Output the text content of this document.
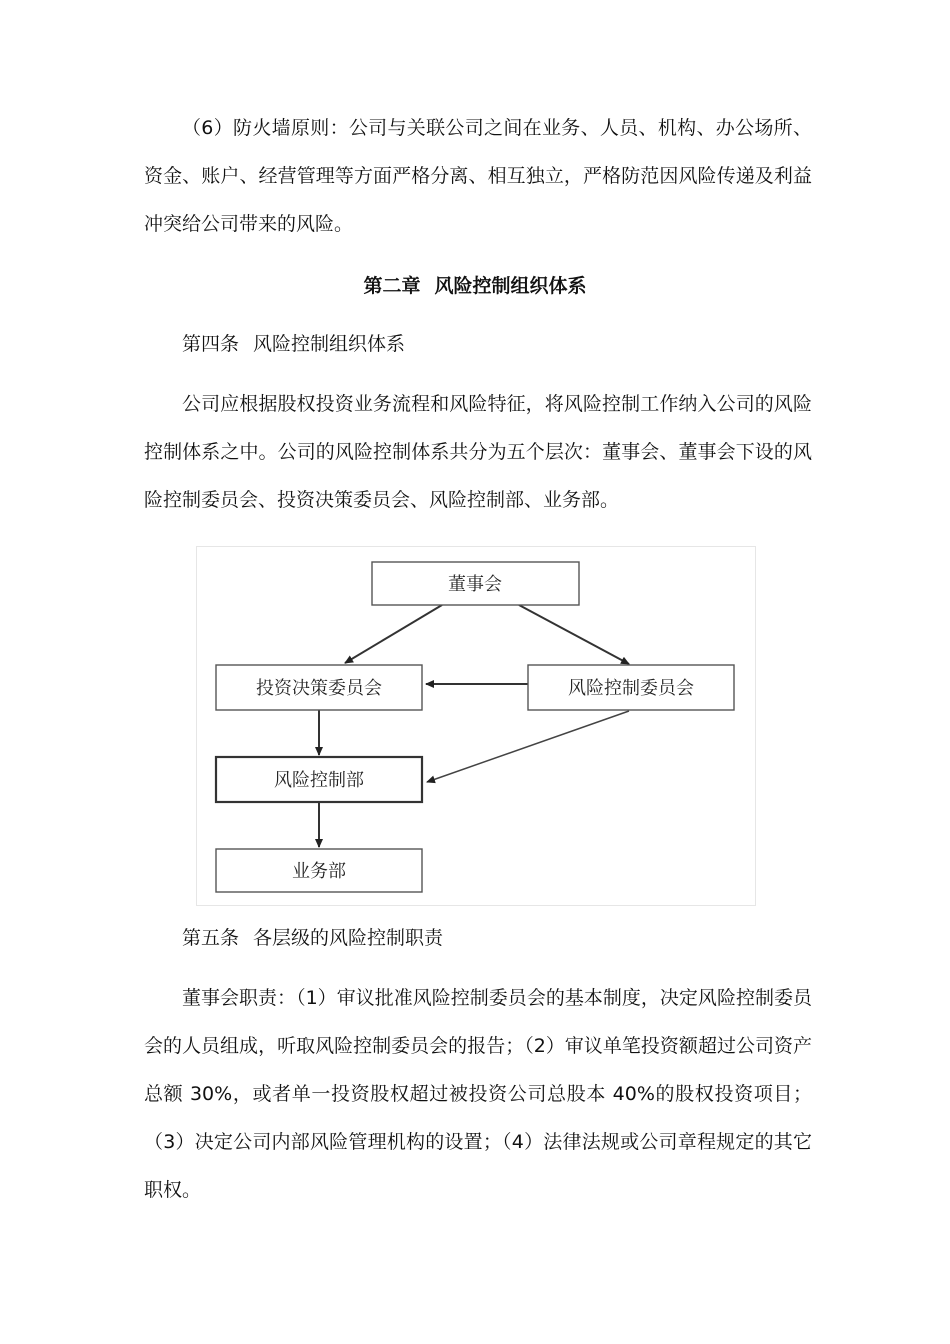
（6）防火墙原则：公司与关联公司之间在业务、人员、机构、办公场所、资金、账户、经营管理等方面严格分离、相互独立，严格防范因风险传递及利益冲突给公司带来的风险。

第二章 风险控制组织体系
第四条 风险控制组织体系

公司应根据股权投资业务流程和风险特征，将风险控制工作纳入公司的风险控制体系之中。公司的风险控制体系共分为五个层次：董事会、董事会下设的风险控制委员会、投资决策委员会、风险控制部、业务部。

董事会
投资决策委员会	风险控制委员会
风险控制部
业务部
第五条 各层级的风险控制职责

董事会职责：（1）审议批准风险控制委员会的基本制度，决定风险控制委员会的人员组成，听取风险控制委员会的报告；（2）审议单笔投资额超过公司资产总额 30%，或者单一投资股权超过被投资公司总股本 40%的股权投资项目；（3）决定公司内部风险管理机构的设置；（4）法律法规或公司章程规定的其它职权。
